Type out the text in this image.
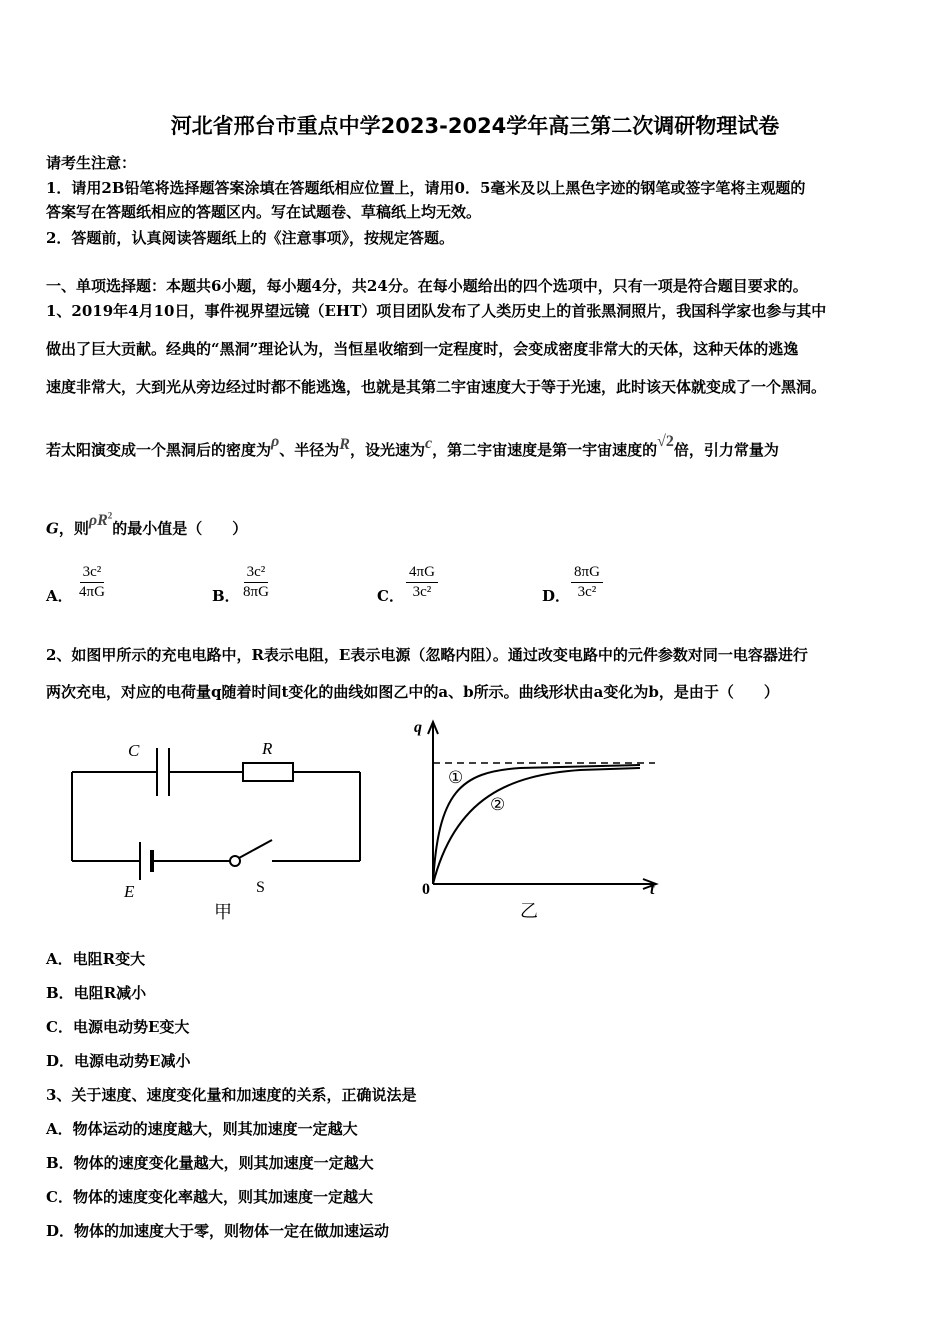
河北省邢台市重点中学2023-2024学年高三第二次调研物理试卷
请考生注意：
1．请用2B铅笔将选择题答案涂填在答题纸相应位置上，请用0．5毫米及以上黑色字迹的钢笔或签字笔将主观题的
答案写在答题纸相应的答题区内。写在试题卷、草稿纸上均无效。
2．答题前，认真阅读答题纸上的《注意事项》，按规定答题。
一、单项选择题：本题共6小题，每小题4分，共24分。在每小题给出的四个选项中，只有一项是符合题目要求的。
1、2019年4月10日，事件视界望远镜（EHT）项目团队发布了人类历史上的首张黑洞照片，我国科学家也参与其中
做出了巨大贡献。经典的“黑洞”理论认为，当恒星收缩到一定程度时，会变成密度非常大的天体，这种天体的逃逸
速度非常大，大到光从旁边经过时都不能逃逸，也就是其第二宇宙速度大于等于光速，此时该天体就变成了一个黑洞。
若太阳演变成一个黑洞后的密度为ρ、半径为R，设光速为c，第二宇宙速度是第一宇宙速度的√2倍，引力常量为
G，则$\rho R^2$的最小值是（　　）
A． $\frac{\text{3c²}}{4\pi G}$	B． $\frac{\text{3c²}}{8\pi G}$	C． $\frac{4\pi G}{\text{3c²}}$	D． $\frac{8\pi G}{\text{3c²}}$
2、如图甲所示的充电电路中，R表示电阻，E表示电源（忽略内阻）。通过改变电路中的元件参数对同一电容器进行
两次充电，对应的电荷量q随着时间t变化的曲线如图乙中的a、b所示。曲线形状由a变化为b，是由于（　　）
C	R
E	S
甲
q
t
0
①
②
乙
A．电阻R变大
B．电阻R减小
C．电源电动势E变大
D．电源电动势E减小
3、关于速度、速度变化量和加速度的关系，正确说法是
A．物体运动的速度越大，则其加速度一定越大
B．物体的速度变化量越大，则其加速度一定越大
C．物体的速度变化率越大，则其加速度一定越大
D．物体的加速度大于零，则物体一定在做加速运动
